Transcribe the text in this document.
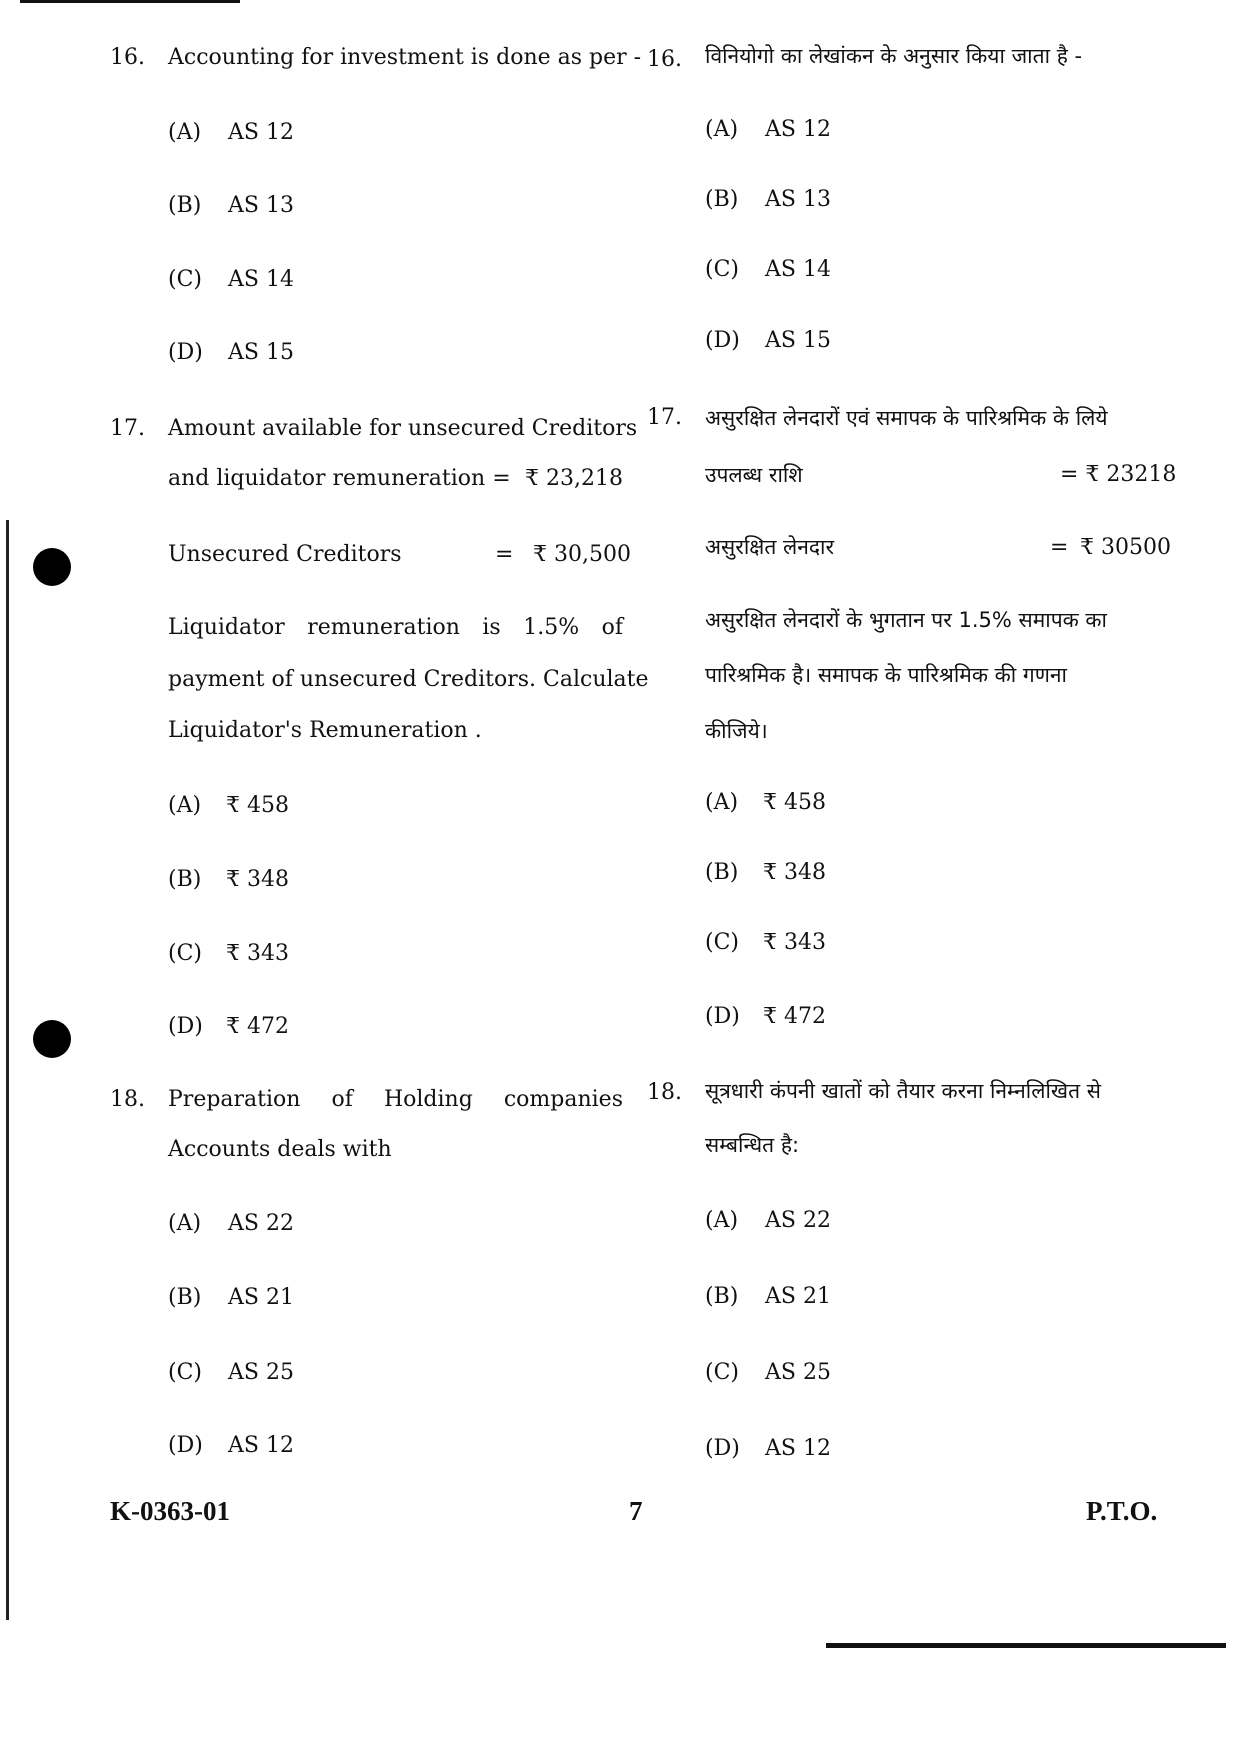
16. Accounting for investment is done as per - 16. विनियोगो का लेखांकन के अनुसार किया जाता है -
(A) AS 12
(B) AS 13
(C) AS 14
(D) AS 15
(A) AS 12
(B) AS 13
(C) AS 14
(D) AS 15
17. Amount available for unsecured Creditors
and liquidator remuneration = ₹ 23,218
Unsecured Creditors	= ₹ 30,500
Liquidator remuneration is 1.5% of
payment of unsecured Creditors. Calculate
Liquidator's Remuneration .
(A) ₹ 458
(B) ₹ 348
(C) ₹ 343
(D) ₹ 472
17. असुरक्षित लेनदारों एवं समापक के पारिश्रमिक के लिये
उपलब्ध राशि	= ₹ 23218
असुरक्षित लेनदार	= ₹ 30500
असुरक्षित लेनदारों के भुगतान पर 1.5% समापक का
पारिश्रमिक है। समापक के पारिश्रमिक की गणना
कीजिये।
(A) ₹ 458
(B) ₹ 348
(C) ₹ 343
(D) ₹ 472
18. Preparation of Holding companies
Accounts deals with
(A) AS 22
(B) AS 21
(C) AS 25
(D) AS 12
18. सूत्रधारी कंपनी खातों को तैयार करना निम्नलिखित से
सम्बन्धित है:
(A) AS 22
(B) AS 21
(C) AS 25
(D) AS 12
K-0363-01	7	P.T.O.
